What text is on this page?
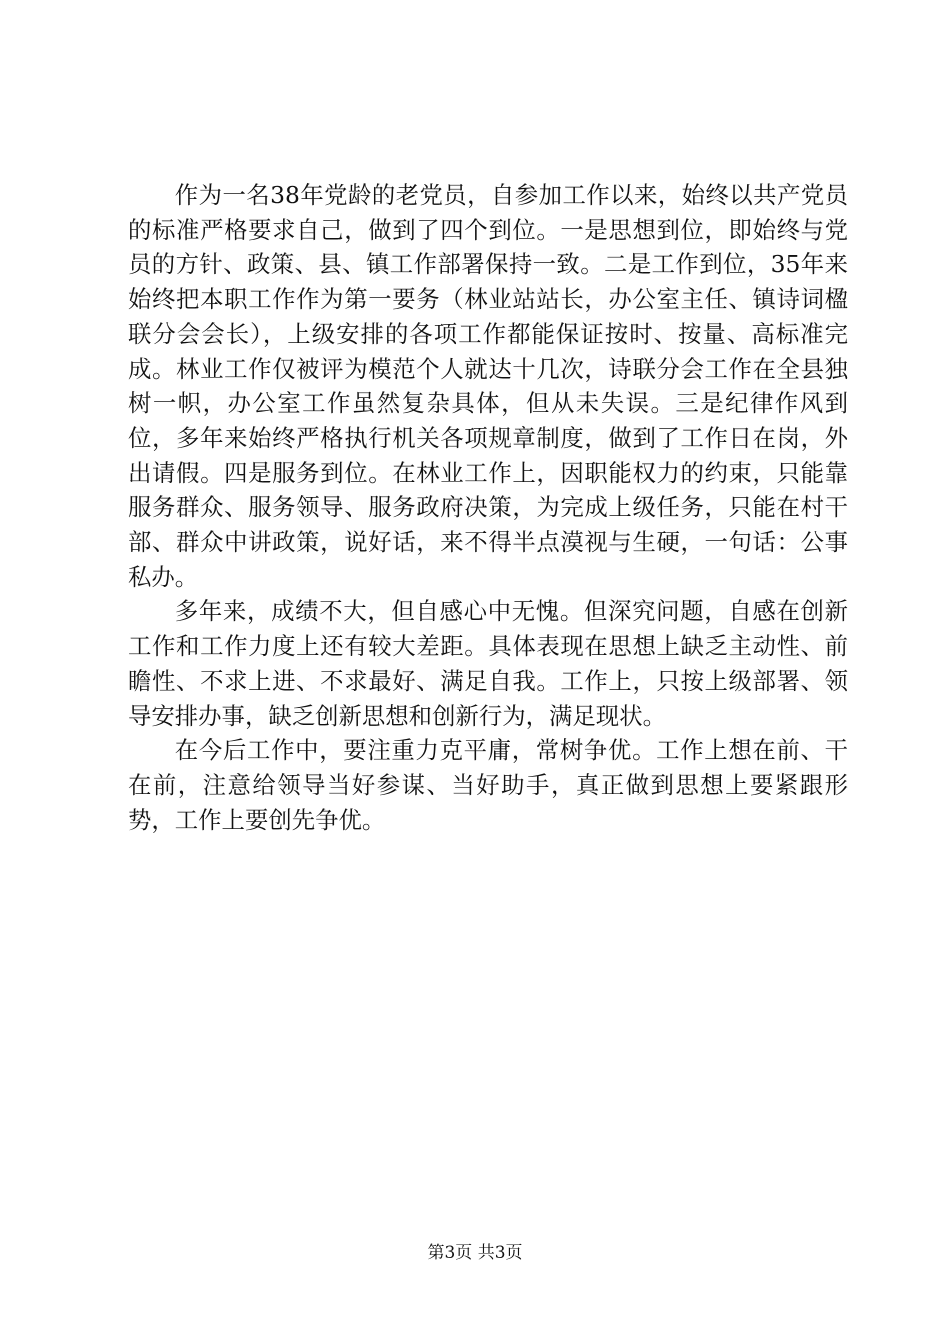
作为一名38年党龄的老党员，自参加工作以来，始终以共产党员的标准严格要求自己，做到了四个到位。一是思想到位，即始终与党员的方针、政策、县、镇工作部署保持一致。二是工作到位，35年来始终把本职工作作为第一要务（林业站站长，办公室主任、镇诗词楹联分会会长），上级安排的各项工作都能保证按时、按量、高标准完成。林业工作仅被评为模范个人就达十几次，诗联分会工作在全县独树一帜，办公室工作虽然复杂具体，但从未失误。三是纪律作风到位，多年来始终严格执行机关各项规章制度，做到了工作日在岗，外出请假。四是服务到位。在林业工作上，因职能权力的约束，只能靠服务群众、服务领导、服务政府决策，为完成上级任务，只能在村干部、群众中讲政策，说好话，来不得半点漠视与生硬，一句话：公事私办。

多年来，成绩不大，但自感心中无愧。但深究问题，自感在创新工作和工作力度上还有较大差距。具体表现在思想上缺乏主动性、前瞻性、不求上进、不求最好、满足自我。工作上，只按上级部署、领导安排办事，缺乏创新思想和创新行为，满足现状。

在今后工作中，要注重力克平庸，常树争优。工作上想在前、干在前，注意给领导当好参谋、当好助手，真正做到思想上要紧跟形势，工作上要创先争优。

第3页 共3页
